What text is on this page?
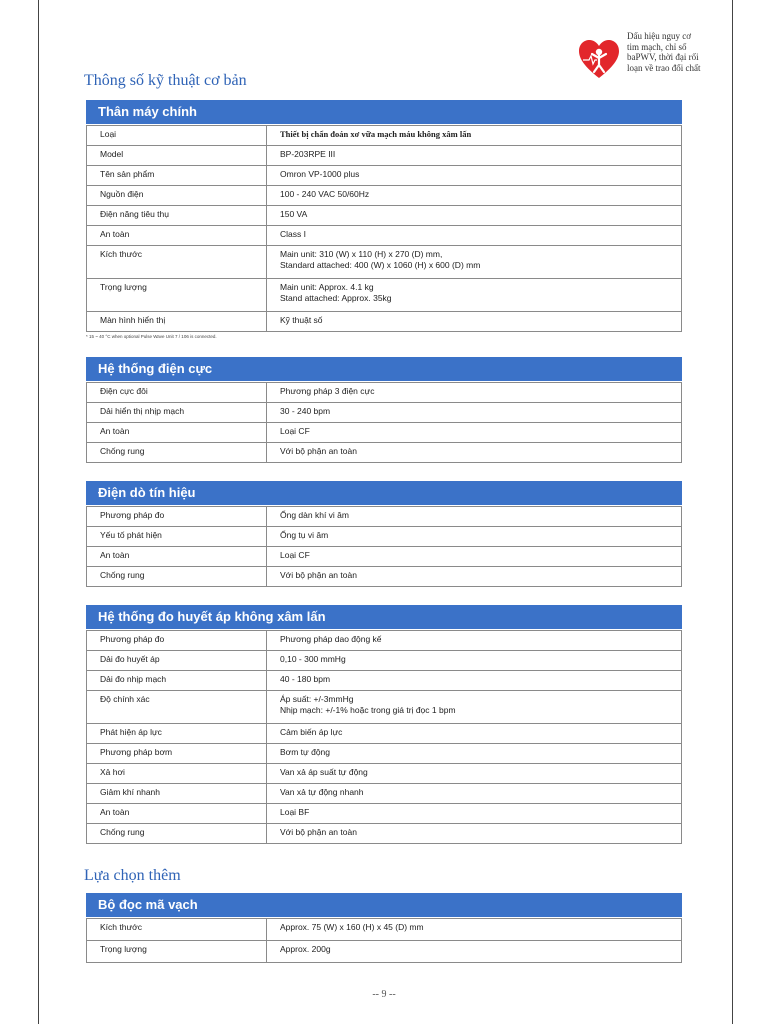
Dấu hiệu nguy cơ tim mạch, chỉ số baPWV, thời đại rối loạn về trao đổi chất
Thông số kỹ thuật cơ bản
Thân máy chính
Loại	Thiết bị chẩn đoán xơ vữa mạch máu không xâm lấn
Model	BP-203RPE III
Tên sản phẩm	Omron VP-1000 plus
Nguồn điện	100 - 240 VAC 50/60Hz
Điện năng tiêu thụ	150 VA
An toàn	Class I
Kích thước	Main unit: 310 (W) x 110 (H) x 270 (D) mm,
Standard attached: 400 (W) x 1060 (H) x 600 (D) mm

Trọng lượng	Main unit: Approx. 4.1 kg
Stand attached: Approx. 35kg

Màn hình hiển thị	Kỹ thuật số
* 15 ~ 40 °C when optional Pulse Wave Unit 7 / 106 is connected.
Hệ thống điện cực
Điện cực đôi	Phương pháp 3 điện cực
Dải hiển thị nhịp mạch	30 - 240 bpm
An toàn	Loại CF
Chống rung	Với bộ phận an toàn
Điện dò tín hiệu
Phương pháp đo	Ống dàn khí vi âm
Yếu tố phát hiện	Ống tụ vi âm
An toàn	Loại CF
Chống rung	Với bộ phận an toàn
Hệ thống đo huyết áp không xâm lấn
Phương pháp đo	Phương pháp dao động kế
Dải đo huyết áp	0,10 - 300 mmHg
Dải đo nhịp mạch	40 - 180 bpm
Độ chính xác	Áp suất: +/-3mmHg
Nhịp mạch: +/-1% hoặc trong giá trị đọc 1 bpm

Phát hiện áp lực	Cảm biến áp lực
Phương pháp bơm	Bơm tự động
Xả hơi	Van xả áp suất tự động
Giảm khí nhanh	Van xả tự động nhanh
An toàn	Loại BF
Chống rung	Với bộ phận an toàn
Lựa chọn thêm
Bộ đọc mã vạch
Kích thước	Approx. 75 (W) x 160 (H) x 45 (D) mm
Trọng lượng	Approx. 200g
-- 9 --
